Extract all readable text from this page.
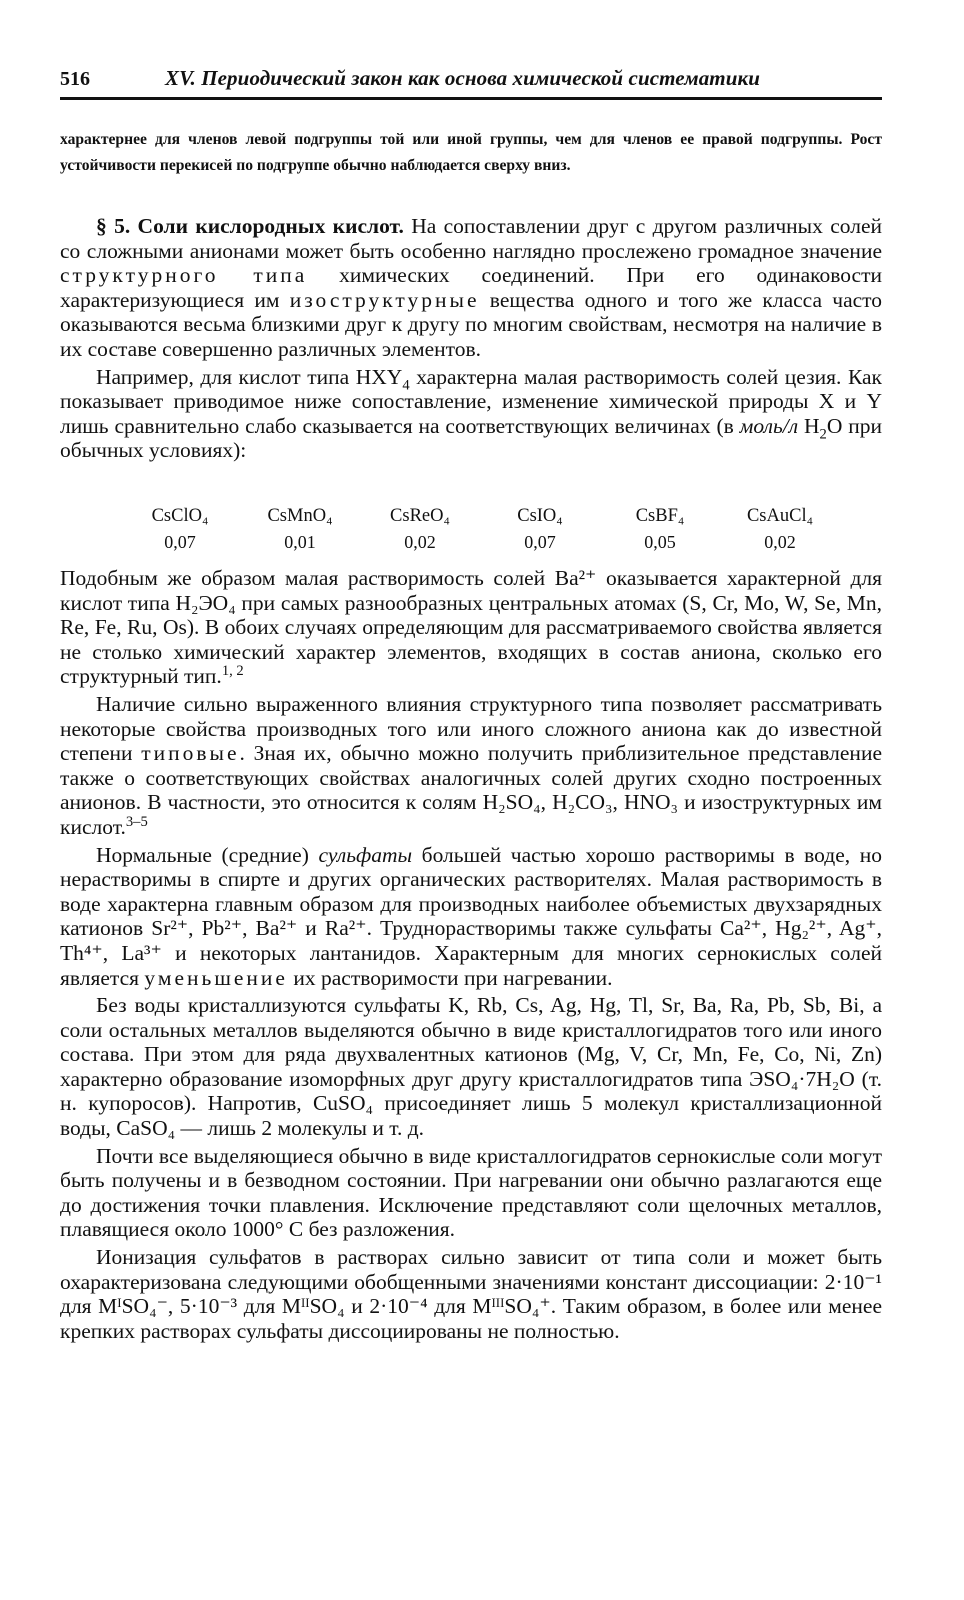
516	XV. Периодический закон как основа химической систематики
характернее для членов левой подгруппы той или иной группы, чем для членов ее правой подгруппы. Рост устойчивости перекисей по подгруппе обычно наблюдается сверху вниз.

§ 5. Соли кислородных кислот. На сопоставлении друг с другом различных солей со сложными анионами может быть особенно наглядно прослежено громадное значение структурного типа химических соединений. При его одинаковости характеризующиеся им изоструктурные вещества одного и того же класса часто оказываются весьма близкими друг к другу по многим свойствам, несмотря на наличие в их составе совершенно различных элементов.

Например, для кислот типа $HXY_4$ характерна малая растворимость солей цезия. Как показывает приводимое ниже сопоставление, изменение химической природы X и Y лишь сравнительно слабо сказывается на соответствующих величинах (в моль/л $H_2O$ при обычных условиях):

CsClO₄	CsMnO₄	CsReO₄	CsIO₄	CsBF₄	CsAuCl₄
0,07	0,01	0,02	0,07	0,05	0,02

Подобным же образом малая растворимость солей Ba²⁺ оказывается характерной для кислот типа H₂ЭO₄ при самых разнообразных центральных атомах (S, Cr, Mo, W, Se, Mn, Re, Fe, Ru, Os). В обоих случаях определяющим для рассматриваемого свойства является не столько химический характер элементов, входящих в состав аниона, сколько его структурный тип.$^{1, 2}$

Наличие сильно выраженного влияния структурного типа позволяет рассматривать некоторые свойства производных того или иного сложного аниона как до известной степени типовые. Зная их, обычно можно получить приблизительное представление также о соответствующих свойствах аналогичных солей других сходно построенных анионов. В частности, это относится к солям H₂SO₄, H₂CO₃, HNO₃ и изоструктурных им кислот.$^{3-5}$

Нормальные (средние) сульфаты большей частью хорошо растворимы в воде, но нерастворимы в спирте и других органических растворителях. Малая растворимость в воде характерна главным образом для производных наиболее объемистых двухзарядных катионов Sr²⁺, Pb²⁺, Ba²⁺ и Ra²⁺. Труднорастворимы также сульфаты Ca²⁺, Hg₂²⁺, Ag⁺, Th⁴⁺, La³⁺ и некоторых лантанидов. Характерным для многих сернокислых солей является уменьшение их растворимости при нагревании.

Без воды кристаллизуются сульфаты K, Rb, Cs, Ag, Hg, Tl, Sr, Ba, Ra, Pb, Sb, Bi, а соли остальных металлов выделяются обычно в виде кристаллогидратов того или иного состава. При этом для ряда двухвалентных катионов (Mg, V, Cr, Mn, Fe, Co, Ni, Zn) характерно образование изоморфных друг другу кристаллогидратов типа ЭSO₄·7H₂O (т. н. купоросов). Напротив, CuSO₄ присоединяет лишь 5 молекул кристаллизационной воды, CaSO₄ — лишь 2 молекулы и т. д.

Почти все выделяющиеся обычно в виде кристаллогидратов сернокислые соли могут быть получены и в безводном состоянии. При нагревании они обычно разлагаются еще до достижения точки плавления. Исключение представляют соли щелочных металлов, плавящиеся около 1000° C без разложения.

Ионизация сульфатов в растворах сильно зависит от типа соли и может быть охарактеризована следующими обобщенными значениями констант диссоциации: 2·10⁻¹ для MᴵSO₄⁻, 5·10⁻³ для MᴵᴵSO₄ и 2·10⁻⁴ для MᴵᴵᴵSO₄⁺. Таким образом, в более или менее крепких растворах сульфаты диссоциированы не полностью.
